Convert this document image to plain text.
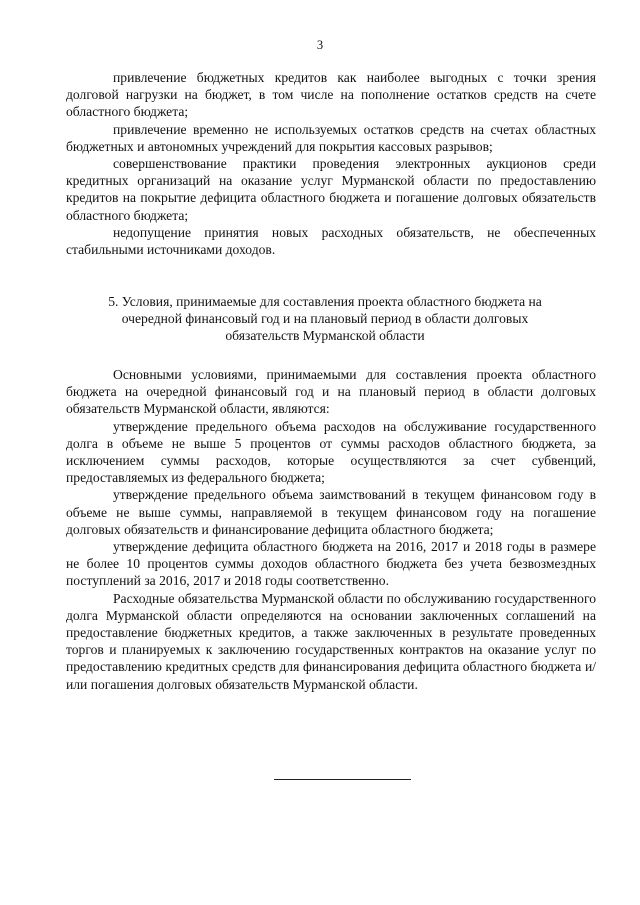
3

привлечение бюджетных кредитов как наиболее выгодных с точки зрения долговой нагрузки на бюджет, в том числе на пополнение остатков средств на счете областного бюджета;

привлечение временно не используемых остатков средств на счетах областных бюджетных и автономных учреждений для покрытия кассовых разрывов;

совершенствование практики проведения электронных аукционов среди кредитных организаций на оказание услуг Мурманской области по предоставлению кредитов на покрытие дефицита областного бюджета и погашение долговых обязательств областного бюджета;

недопущение принятия новых расходных обязательств, не обеспеченных стабильными источниками доходов.

5. Условия, принимаемые для составления проекта областного бюджета на
очередной финансовый год и на плановый период в области долговых
обязательств Мурманской области

Основными условиями, принимаемыми для составления проекта областного бюджета на очередной финансовый год и на плановый период в области долговых обязательств Мурманской области, являются:

утверждение предельного объема расходов на обслуживание государственного долга в объеме не выше 5 процентов от суммы расходов областного бюджета, за исключением суммы расходов, которые осуществляются за счет субвенций, предоставляемых из федерального бюджета;

утверждение предельного объема заимствований в текущем финансовом году в объеме не выше суммы, направляемой в текущем финансовом году на погашение долговых обязательств и финансирование дефицита областного бюджета;

утверждение дефицита областного бюджета на 2016, 2017 и 2018 годы в размере не более 10 процентов суммы доходов областного бюджета без учета безвозмездных поступлений за 2016, 2017 и 2018 годы соответственно.

Расходные обязательства Мурманской области по обслуживанию государственного долга Мурманской области определяются на основании заключенных соглашений на предоставление бюджетных кредитов, а также заключенных в результате проведенных торгов и планируемых к заключению государственных контрактов на оказание услуг по предоставлению кредитных средств для финансирования дефицита областного бюджета и/или погашения долговых обязательств Мурманской области.
